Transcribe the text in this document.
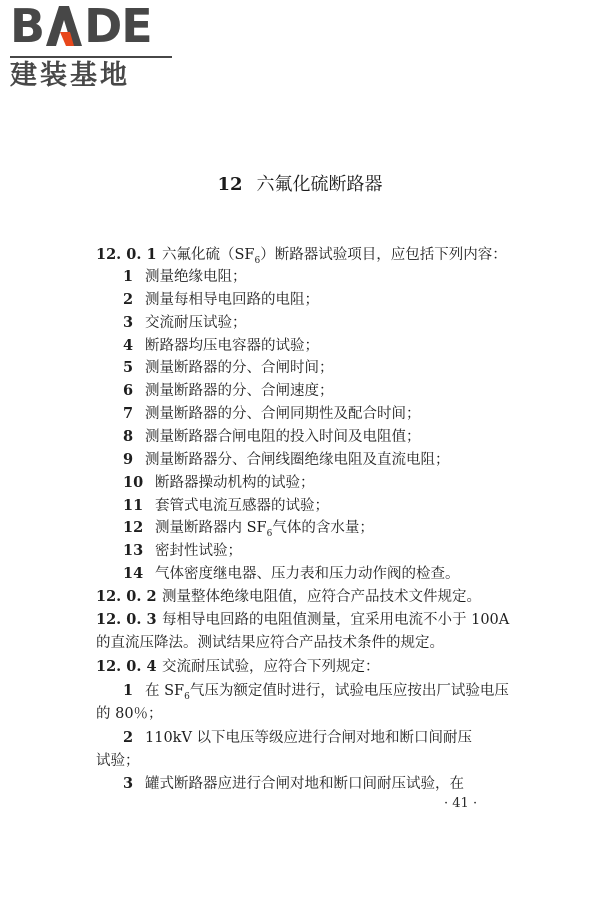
B D E
建装基地
12 六氟化硫断路器
12. 0. 1 六氟化硫$(SF_6)$断路器试验项目，应包括下列内容：
1 测量绝缘电阻；
2 测量每相导电回路的电阻；
3 交流耐压试验；
4 断路器均压电容器的试验；
5 测量断路器的分、合闸时间；
6 测量断路器的分、合闸速度；
7 测量断路器的分、合闸同期性及配合时间；
8 测量断路器合闸电阻的投入时间及电阻值；
9 测量断路器分、合闸线圈绝缘电阻及直流电阻；
10 断路器操动机构的试验；
11 套管式电流互感器的试验；
12 测量断路器内 $SF_6$气体的含水量；
13 密封性试验；
14 气体密度继电器、压力表和压力动作阀的检查。
12. 0. 2 测量整体绝缘电阻值，应符合产品技术文件规定。
12. 0. 3 每相导电回路的电阻值测量，宜采用电流不小于 100A
的直流压降法。测试结果应符合产品技术条件的规定。
12. 0. 4 交流耐压试验，应符合下列规定：
1 在 $SF_6$气压为额定值时进行，试验电压应按出厂试验电压
的 80％；
2 110kV 以下电压等级应进行合闸对地和断口间耐压
试验；
3 罐式断路器应进行合闸对地和断口间耐压试验，在
· 41 ·
